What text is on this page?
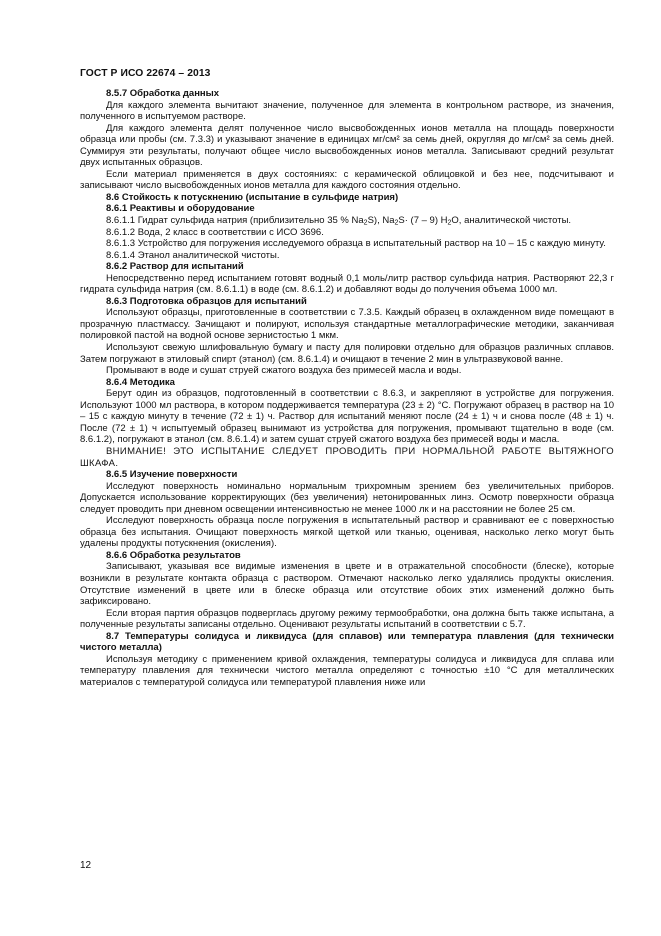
ГОСТ Р ИСО 22674 – 2013

8.5.7 Обработка данных

Для каждого элемента вычитают значение, полученное для элемента в контрольном растворе, из значения, полученного в испытуемом растворе.

Для каждого элемента делят полученное число высвобожденных ионов металла на площадь поверхности образца или пробы (см. 7.3.3) и указывают значение в единицах мг/см² за семь дней, округляя до мг/см² за семь дней. Суммируя эти результаты, получают общее число высвобожденных ионов металла. Записывают средний результат двух испытанных образцов.

Если материал применяется в двух состояниях: с керамической облицовкой и без нее, подсчитывают и записывают число высвобожденных ионов металла для каждого состояния отдельно.

8.6 Стойкость к потускнению (испытание в сульфиде натрия)

8.6.1 Реактивы и оборудование

8.6.1.1 Гидрат сульфида натрия (приблизительно 35 % $Na_2S$), $Na_2S\cdot (7 - 9)$ $H_2O$, аналитической чистоты.

8.6.1.2 Вода, 2 класс в соответствии с ИСО 3696.

8.6.1.3 Устройство для погружения исследуемого образца в испытательный раствор на 10 – 15 с каждую минуту.

8.6.1.4 Этанол аналитической чистоты.

8.6.2 Раствор для испытаний

Непосредственно перед испытанием готовят водный 0,1 моль/литр раствор сульфида натрия. Растворяют 22,3 г гидрата сульфида натрия (см. 8.6.1.1) в воде (см. 8.6.1.2) и добавляют воды до получения объема 1000 мл.

8.6.3 Подготовка образцов для испытаний

Используют образцы, приготовленные в соответствии с 7.3.5. Каждый образец в охлажденном виде помещают в прозрачную пластмассу. Зачищают и полируют, используя стандартные металлографические методики, заканчивая полировкой пастой на водной основе зернистостью 1 мкм.

Используют свежую шлифовальную бумагу и пасту для полировки отдельно для образцов различных сплавов. Затем погружают в этиловый спирт (этанол) (см. 8.6.1.4) и очищают в течение 2 мин в ультразвуковой ванне.

Промывают в воде и сушат струей сжатого воздуха без примесей масла и воды.

8.6.4 Методика

Берут один из образцов, подготовленный в соответствии с 8.6.3, и закрепляют в устройстве для погружения. Используют 1000 мл раствора, в котором поддерживается температура (23 ± 2) °С. Погружают образец в раствор на 10 – 15 с каждую минуту в течение (72 ± 1) ч. Раствор для испытаний меняют после (24 ± 1) ч и снова после (48 ± 1) ч. После (72 ± 1) ч испытуемый образец вынимают из устройства для погружения, промывают тщательно в воде (см. 8.6.1.2), погружают в этанол (см. 8.6.1.4) и затем сушат струей сжатого воздуха без примесей воды и масла.

ВНИМАНИЕ! ЭТО ИСПЫТАНИЕ СЛЕДУЕТ ПРОВОДИТЬ ПРИ НОРМАЛЬНОЙ РАБОТЕ ВЫТЯЖНОГО ШКАФА.

8.6.5 Изучение поверхности

Исследуют поверхность номинально нормальным трихромным зрением без увеличительных приборов. Допускается использование корректирующих (без увеличения) нетонированных линз. Осмотр поверхности образца следует проводить при дневном освещении интенсивностью не менее 1000 лк и на расстоянии не более 25 см.

Исследуют поверхность образца после погружения в испытательный раствор и сравнивают ее с поверхностью образца без испытания. Очищают поверхность мягкой щеткой или тканью, оценивая, насколько легко могут быть удалены продукты потускнения (окисления).

8.6.6 Обработка результатов

Записывают, указывая все видимые изменения в цвете и в отражательной способности (блеске), которые возникли в результате контакта образца с раствором. Отмечают насколько легко удалялись продукты окисления. Отсутствие изменений в цвете или в блеске образца или отсутствие обоих этих изменений должно быть зафиксировано.

Если вторая партия образцов подверглась другому режиму термообработки, она должна быть также испытана, а полученные результаты записаны отдельно. Оценивают результаты испытаний в соответствии с 5.7.

8.7 Температуры солидуса и ликвидуса (для сплавов) или температура плавления (для технически чистого металла)

Используя методику с применением кривой охлаждения, температуры солидуса и ликвидуса для сплава или температуру плавления для технически чистого металла определяют с точностью ±10 °С для металлических материалов с температурой солидуса или температурой плавления ниже или

12
